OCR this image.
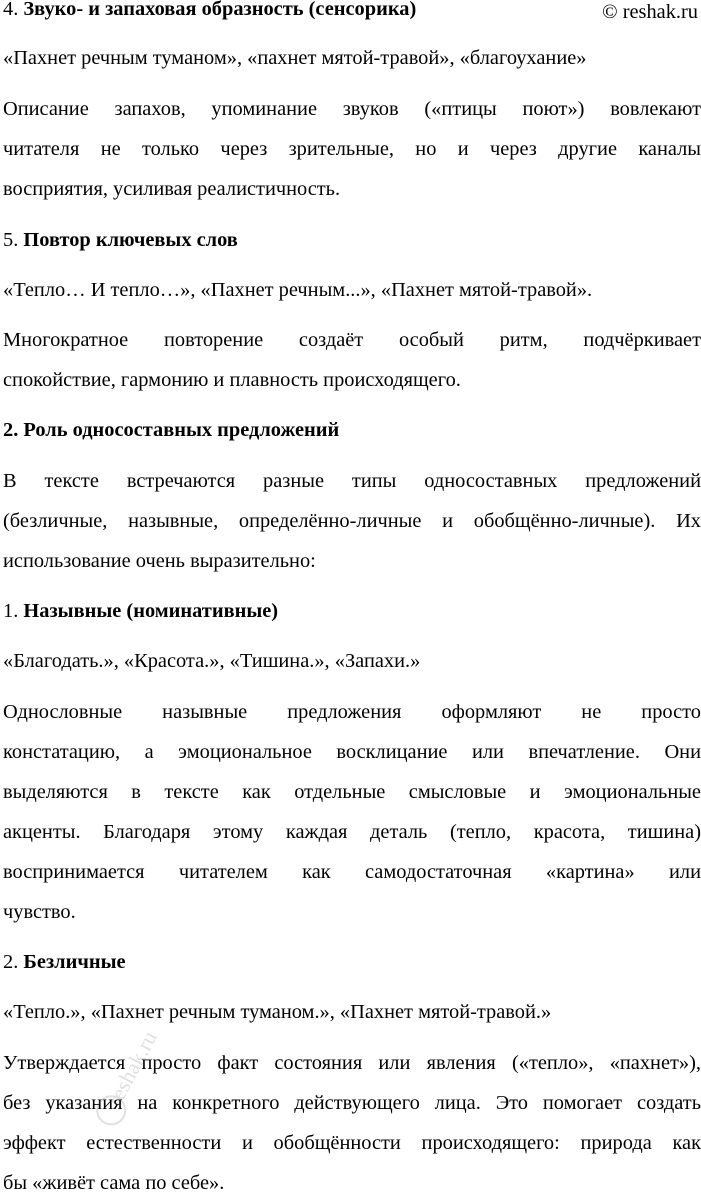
4. Звуко- и запаховая образность (сенсорика)
«Пахнет речным туманом», «пахнет мятой-травой», «благоухание»
Описание запахов, упоминание звуков («птицы поют») вовлекают
читателя не только через зрительные, но и через другие каналы
восприятия, усиливая реалистичность.
5. Повтор ключевых слов
«Тепло… И тепло…», «Пахнет речным...», «Пахнет мятой-травой».
Многократное повторение создаёт особый ритм, подчёркивает
спокойствие, гармонию и плавность происходящего.
2. Роль односоставных предложений
В тексте встречаются разные типы односоставных предложений
(безличные, назывные, определённо-личные и обобщённо-личные). Их
использование очень выразительно:
1. Назывные (номинативные)
«Благодать.», «Красота.», «Тишина.», «Запахи.»
Однословные назывные предложения оформляют не просто
констатацию, а эмоциональное восклицание или впечатление. Они
выделяются в тексте как отдельные смысловые и эмоциональные
акценты. Благодаря этому каждая деталь (тепло, красота, тишина)
воспринимается читателем как самодостаточная «картина» или
чувство.
2. Безличные
«Тепло.», «Пахнет речным туманом.», «Пахнет мятой-травой.»
Утверждается просто факт состояния или явления («тепло», «пахнет»),
без указания на конкретного действующего лица. Это помогает создать
эффект естественности и обобщённости происходящего: природа как
бы «живёт сама по себе».
© reshak.ru
reshak.ru
